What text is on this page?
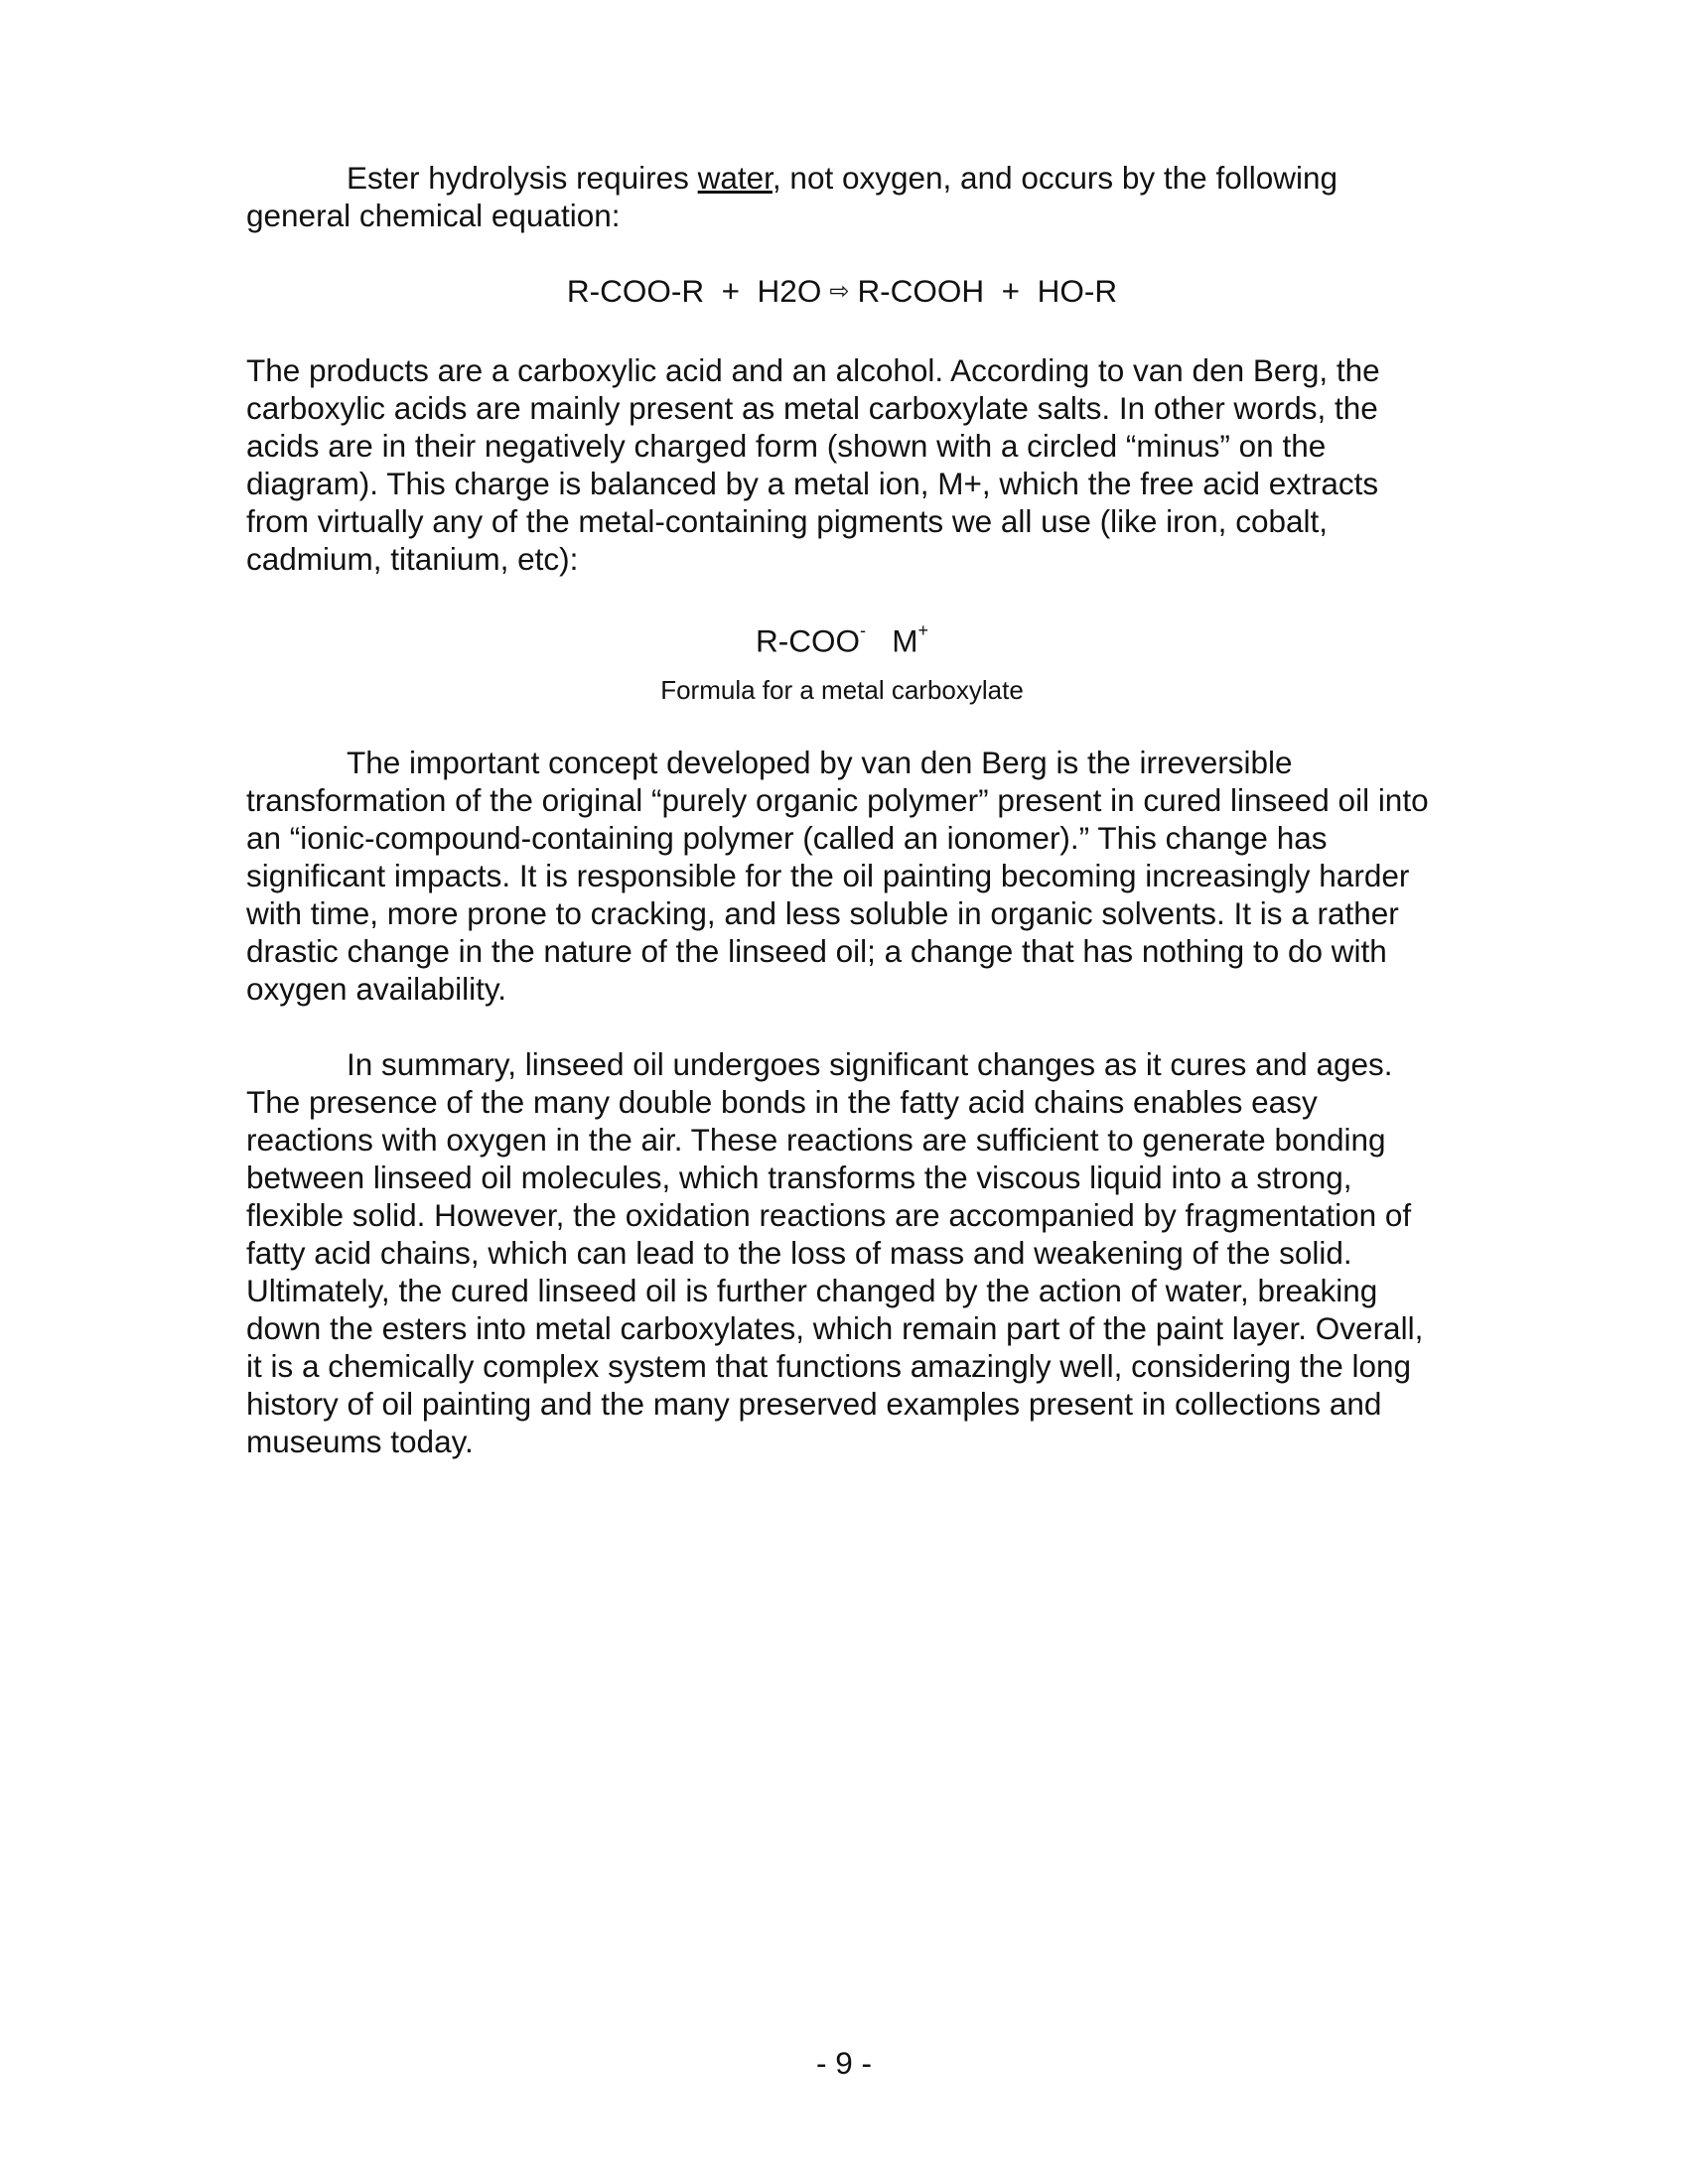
Ester hydrolysis requires water, not oxygen, and occurs by the following general chemical equation:

R-COO-R  +  H2O ⇨ R-COOH  +  HO-R

The products are a carboxylic acid and an alcohol. According to van den Berg, the carboxylic acids are mainly present as metal carboxylate salts. In other words, the acids are in their negatively charged form (shown with a circled “minus” on the diagram). This charge is balanced by a metal ion, M+, which the free acid extracts from virtually any of the metal-containing pigments we all use (like iron, cobalt, cadmium, titanium, etc):

R-COO- M+
Formula for a metal carboxylate

The important concept developed by van den Berg is the irreversible transformation of the original “purely organic polymer” present in cured linseed oil into an “ionic-compound-containing polymer (called an ionomer).” This change has significant impacts. It is responsible for the oil painting becoming increasingly harder with time, more prone to cracking, and less soluble in organic solvents. It is a rather drastic change in the nature of the linseed oil; a change that has nothing to do with oxygen availability.

In summary, linseed oil undergoes significant changes as it cures and ages. The presence of the many double bonds in the fatty acid chains enables easy reactions with oxygen in the air. These reactions are sufficient to generate bonding between linseed oil molecules, which transforms the viscous liquid into a strong, flexible solid. However, the oxidation reactions are accompanied by fragmentation of fatty acid chains, which can lead to the loss of mass and weakening of the solid. Ultimately, the cured linseed oil is further changed by the action of water, breaking down the esters into metal carboxylates, which remain part of the paint layer. Overall, it is a chemically complex system that functions amazingly well, considering the long history of oil painting and the many preserved examples present in collections and museums today.

- 9 -
